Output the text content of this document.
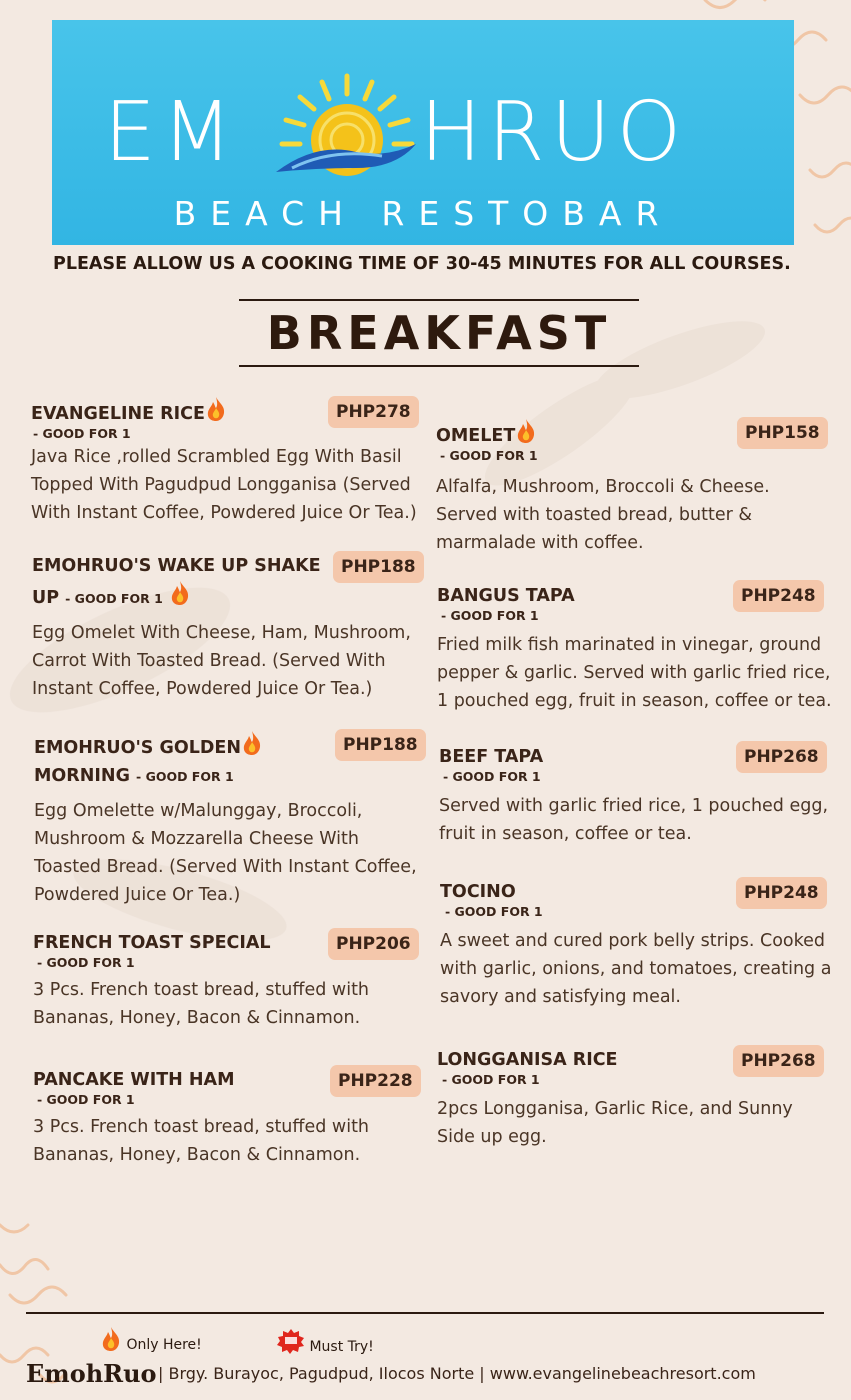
EM HRUO
BEACH RESTOBAR
PLEASE ALLOW US A COOKING TIME OF 30-45 MINUTES FOR ALL COURSES.
BREAKFAST
EVANGELINE RICE
- GOOD FOR 1
Java Rice ,rolled Scrambled Egg With Basil
Topped With Pagudpud Longganisa (Served
With Instant Coffee, Powdered Juice Or Tea.)
PHP278
EMOHRUO'S WAKE UP SHAKE
UP - GOOD FOR 1
Egg Omelet With Cheese, Ham, Mushroom,
Carrot With Toasted Bread. (Served With
Instant Coffee, Powdered Juice Or Tea.)
PHP188
EMOHRUO'S GOLDEN
MORNING - GOOD FOR 1
Egg Omelette w/Malunggay, Broccoli,
Mushroom & Mozzarella Cheese With
Toasted Bread. (Served With Instant Coffee,
Powdered Juice Or Tea.)
PHP188
FRENCH TOAST SPECIAL
- GOOD FOR 1
3 Pcs. French toast bread, stuffed with
Bananas, Honey, Bacon & Cinnamon.
PHP206
PANCAKE WITH HAM
- GOOD FOR 1
3 Pcs. French toast bread, stuffed with
Bananas, Honey, Bacon & Cinnamon.
PHP228
OMELET
- GOOD FOR 1
Alfalfa, Mushroom, Broccoli & Cheese.
Served with toasted bread, butter &
marmalade with coffee.
PHP158
BANGUS TAPA
- GOOD FOR 1
Fried milk fish marinated in vinegar, ground
pepper & garlic. Served with garlic fried rice,
1 pouched egg, fruit in season, coffee or tea.
PHP248
BEEF TAPA
- GOOD FOR 1
Served with garlic fried rice, 1 pouched egg,
fruit in season, coffee or tea.
PHP268
TOCINO
- GOOD FOR 1
A sweet and cured pork belly strips. Cooked
with garlic, onions, and tomatoes, creating a
savory and satisfying meal.
PHP248
LONGGANISA RICE
- GOOD FOR 1
2pcs Longganisa, Garlic Rice, and Sunny
Side up egg.
PHP268
Only Here!	Must Try!
EmohRuo | Brgy. Burayoc, Pagudpud, Ilocos Norte | www.evangelinebeachresort.com
